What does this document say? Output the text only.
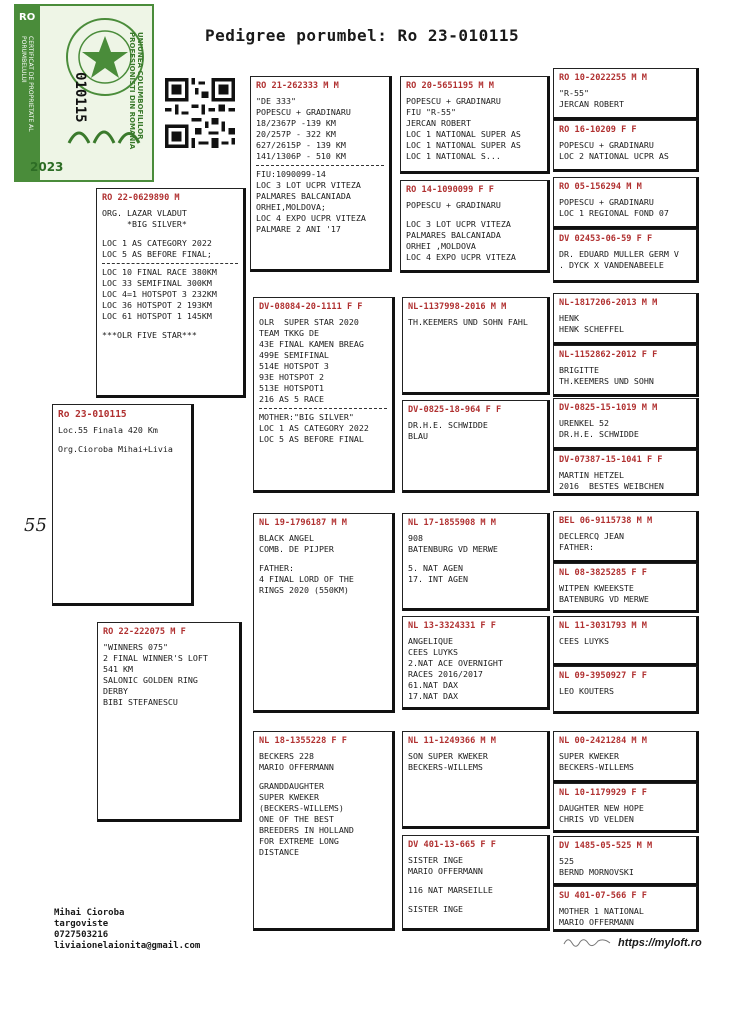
Pedigree porumbel: Ro 23-010115
RO
CERTIFICAT DE PROPRIETATE AL PORUMBELULUI
010115	UNIUNEA COLUMBOFILILOR PROFESIONISTI DIN ROMANIA
2023
RO 21-262333 M M
"DE 333"
POPESCU + GRADINARU
18/2367P -139 KM
20/257P - 322 KM
627/2615P - 139 KM
141/1306P - 510 KM
FIU:1090099-14
LOC 3 LOT UCPR VITEZA
PALMARES BALCANIADA
ORHEI,MOLDOVA;
LOC 4 EXPO UCPR VITEZA
PALMARE 2 ANI '17
RO 20-5651195 M M
POPESCU + GRADINARU
FIU "R-55"
JERCAN ROBERT
LOC 1 NATIONAL SUPER AS
LOC 1 NATIONAL SUPER AS
LOC 1 NATIONAL S...
RO 14-1090099 F F
POPESCU + GRADINARU
LOC 3 LOT UCPR VITEZA
PALMARES BALCANIADA
ORHEI ,MOLDOVA
LOC 4 EXPO UCPR VITEZA
RO 10-2022255 M M
"R-55"
JERCAN ROBERT
RO 16-10209 F F
POPESCU + GRADINARU
LOC 2 NATIONAL UCPR AS
RO 05-156294 M M
POPESCU + GRADINARU
LOC 1 REGIONAL FOND 07
DV 02453-06-59 F F
DR. EDUARD MULLER GERM V
. DYCK X VANDENABEELE
RO 22-0629890 M
ORG. LAZAR VLADUT
*BIG SILVER*
LOC 1 AS CATEGORY 2022
LOC 5 AS BEFORE FINAL;
LOC 10 FINAL RACE 380KM
LOC 33 SEMIFINAL 300KM
LOC 4=1 HOTSPOT 3 232KM
LOC 36 HOTSPOT 2 193KM
LOC 61 HOTSPOT 1 145KM
***OLR FIVE STAR***
DV-08084-20-1111 F F
OLR  SUPER STAR 2020
TEAM TKKG DE
43E FINAL KAMEN BREAG
499E SEMIFINAL
514E HOTSPOT 3
93E HOTSPOT 2
513E HOTSPOT1
216 AS 5 RACE
MOTHER:"BIG SILVER"
LOC 1 AS CATEGORY 2022
LOC 5 AS BEFORE FINAL
NL-1137998-2016 M M
TH.KEEMERS UND SOHN FAHL
DV-0825-18-964 F F
DR.H.E. SCHWIDDE
BLAU
NL-1817206-2013 M M
HENK
HENK SCHEFFEL
NL-1152862-2012 F F
BRIGITTE
TH.KEEMERS UND SOHN
DV-0825-15-1019 M M
URENKEL 52
DR.H.E. SCHWIDDE
DV-07387-15-1041 F F
MARTIN HETZEL
2016  BESTES WEIBCHEN
Ro 23-010115
Loc.55 Finala 420 Km
Org.Cioroba Mihai+Livia
NL 19-1796187 M M
BLACK ANGEL
COMB. DE PIJPER
FATHER:
4 FINAL LORD OF THE
RINGS 2020 (550KM)
NL 17-1855908 M M
908
BATENBURG VD MERWE
5. NAT AGEN
17. INT AGEN
NL 13-3324331 F F
ANGELIQUE
CEES LUYKS
2.NAT ACE OVERNIGHT
RACES 2016/2017
61.NAT DAX
17.NAT DAX
BEL 06-9115738 M M
DECLERCQ JEAN
FATHER:
NL 08-3825285 F F
WITPEN KWEEKSTE
BATENBURG VD MERWE
NL 11-3031793 M M
CEES LUYKS
NL 09-3950927 F F
LEO KOUTERS
RO 22-222075 M F
"WINNERS 075"
2 FINAL WINNER'S LOFT
541 KM
SALONIC GOLDEN RING
DERBY
BIBI STEFANESCU
NL 18-1355228 F F
BECKERS 228
MARIO OFFERMANN
GRANDDAUGHTER
SUPER KWEKER
(BECKERS-WILLEMS)
ONE OF THE BEST
BREEDERS IN HOLLAND
FOR EXTREME LONG
DISTANCE
NL 11-1249366 M M
SON SUPER KWEKER
BECKERS-WILLEMS
DV 401-13-665 F F
SISTER INGE
MARIO OFFERMANN
116 NAT MARSEILLE
SISTER INGE
NL 00-2421284 M M
SUPER KWEKER
BECKERS-WILLEMS
NL 10-1179929 F F
DAUGHTER NEW HOPE
CHRIS VD VELDEN
DV 1485-05-525 M M
525
BERND MORNOVSKI
SU 401-07-566 F F
MOTHER 1 NATIONAL
MARIO OFFERMANN
55
Mihai Cioroba
targoviste
0727503216
liviaionelaionita@gmail.com	https://myloft.ro
